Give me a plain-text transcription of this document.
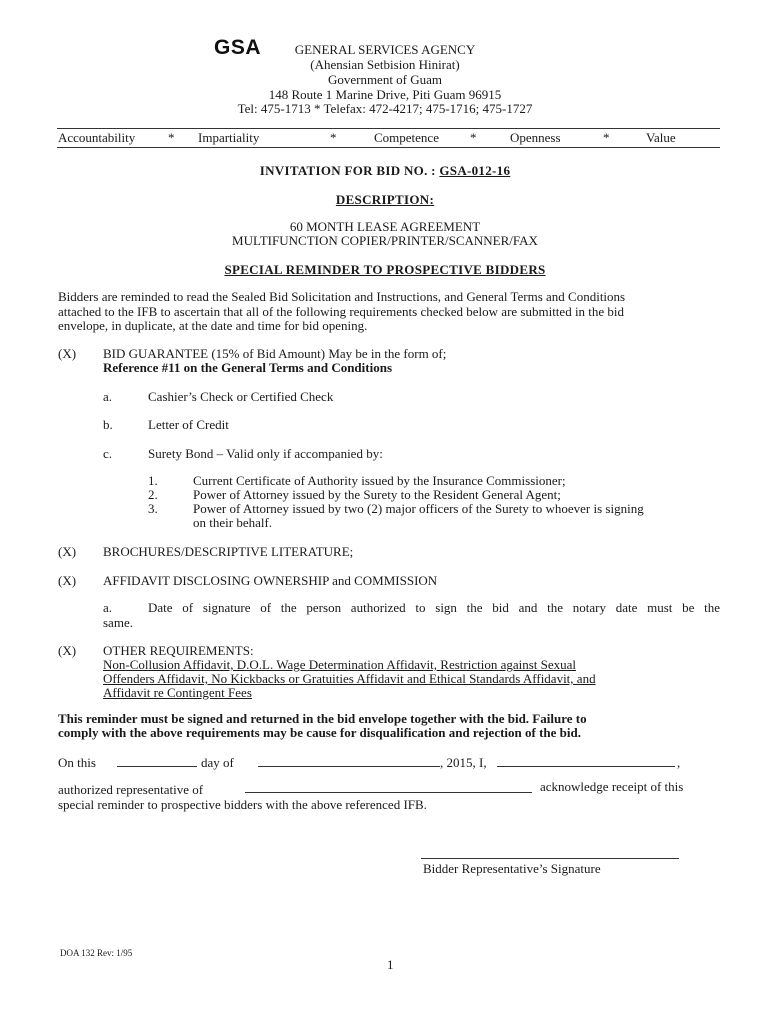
GSA	GENERAL SERVICES AGENCY
(Ahensian Setbision Hinirat)
Government of Guam
148 Route 1 Marine Drive, Piti Guam 96915
Tel: 475-1713 * Telefax: 472-4217; 475-1716; 475-1727
Accountability	* Impartiality	*	Competence *	Openness	*	Value
INVITATION FOR BID NO. : GSA-012-16
DESCRIPTION:
60 MONTH LEASE AGREEMENT
MULTIFUNCTION COPIER/PRINTER/SCANNER/FAX
SPECIAL REMINDER TO PROSPECTIVE BIDDERS
Bidders are reminded to read the Sealed Bid Solicitation and Instructions, and General Terms and Conditions
attached to the IFB to ascertain that all of the following requirements checked below are submitted in the bid
envelope, in duplicate, at the date and time for bid opening.
(X) BID GUARANTEE (15% of Bid Amount) May be in the form of;
Reference #11 on the General Terms and Conditions
a.	Cashier’s Check or Certified Check
b.	Letter of Credit
c.	Surety Bond – Valid only if accompanied by:
1.	Current Certificate of Authority issued by the Insurance Commissioner;
2.	Power of Attorney issued by the Surety to the Resident General Agent;
3.	Power of Attorney issued by two (2) major officers of the Surety to whoever is signing
on their behalf.
(X) BROCHURES/DESCRIPTIVE LITERATURE;
(X) AFFIDAVIT DISCLOSING OWNERSHIP and COMMISSION
a.	Date of signature of the person authorized to sign the bid and the notary date must be the
same.
(X) OTHER REQUIREMENTS:
Non-Collusion Affidavit, D.O.L. Wage Determination Affidavit, Restriction against Sexual
Offenders Affidavit, No Kickbacks or Gratuities Affidavit and Ethical Standards Affidavit, and
Affidavit re Contingent Fees
This reminder must be signed and returned in the bid envelope together with the bid. Failure to
comply with the above requirements may be cause for disqualification and rejection of the bid.
On this	day of	, 2015, I,	,
authorized representative of	acknowledge receipt of this
special reminder to prospective bidders with the above referenced IFB.
Bidder Representative’s Signature
DOA 132 Rev: 1/95
1
